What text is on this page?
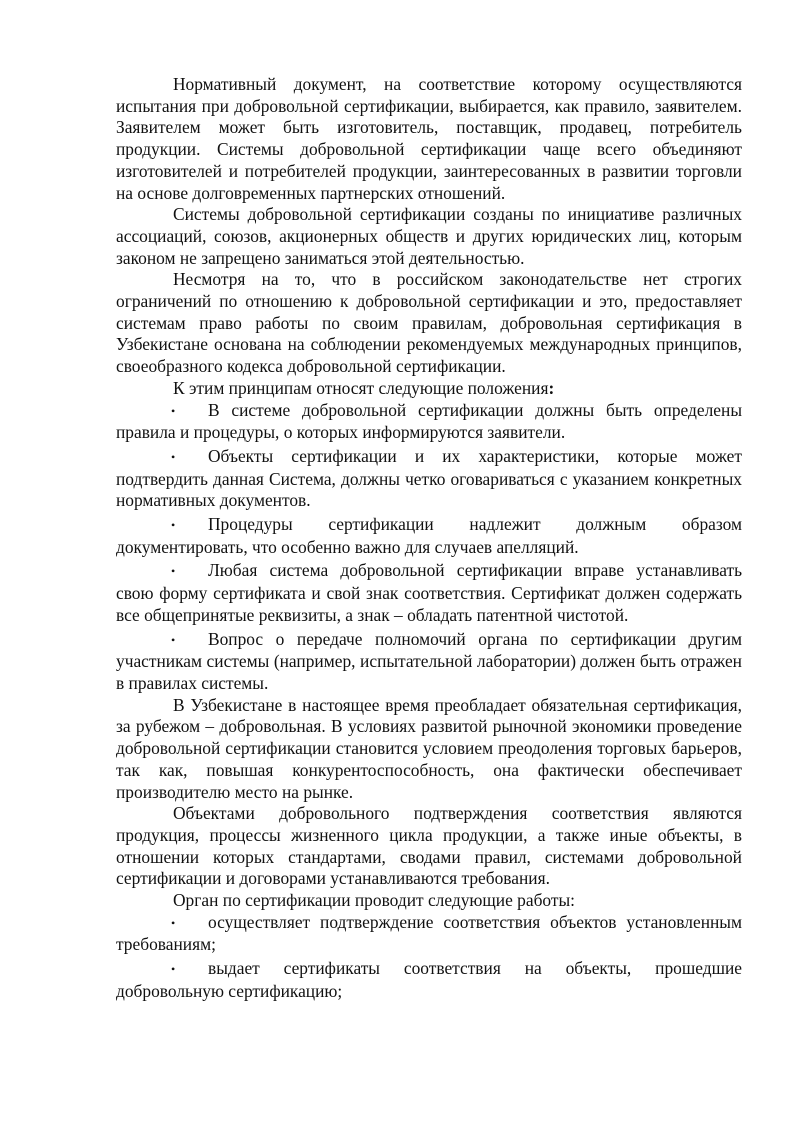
Нормативный документ, на соответствие которому осуществляются испытания при добровольной сертификации, выбирается, как правило, заявителем. Заявителем может быть изготовитель, поставщик, продавец, потребитель продукции. Системы добровольной сертификации чаще всего объединяют изготовителей и потребителей продукции, заинтересованных в развитии торговли на основе долговременных партнерских отношений.

Системы добровольной сертификации созданы по инициативе различных ассоциаций, союзов, акционерных обществ и других юридических лиц, которым законом не запрещено заниматься этой деятельностью.

Несмотря на то, что в российском законодательстве нет строгих ограничений по отношению к добровольной сертификации и это, предоставляет системам право работы по своим правилам, добровольная сертификация в Узбекистане основана на соблюдении рекомендуемых международных принципов, своеобразного кодекса добровольной сертификации.

К этим принципам относят следующие положения:

• В системе добровольной сертификации должны быть определены правила и процедуры, о которых информируются заявители.

• Объекты сертификации и их характеристики, которые может подтвердить данная Система, должны четко оговариваться с указанием конкретных нормативных документов.

• Процедуры сертификации надлежит должным образом документировать, что особенно важно для случаев апелляций.

• Любая система добровольной сертификации вправе устанавливать свою форму сертификата и свой знак соответствия. Сертификат должен содержать все общепринятые реквизиты, а знак – обладать патентной чистотой.

• Вопрос о передаче полномочий органа по сертификации другим участникам системы (например, испытательной лаборатории) должен быть отражен в правилах системы.

В Узбекистане в настоящее время преобладает обязательная сертификация, за рубежом – добровольная. В условиях развитой рыночной экономики проведение добровольной сертификации становится условием преодоления торговых барьеров, так как, повышая конкурентоспособность, она фактически обеспечивает производителю место на рынке.

Объектами добровольного подтверждения соответствия являются продукция, процессы жизненного цикла продукции, а также иные объекты, в отношении которых стандартами, сводами правил, системами добровольной сертификации и договорами устанавливаются требования.

Орган по сертификации проводит следующие работы:

• осуществляет подтверждение соответствия объектов установленным требованиям;

• выдает сертификаты соответствия на объекты, прошедшие добровольную сертификацию;
